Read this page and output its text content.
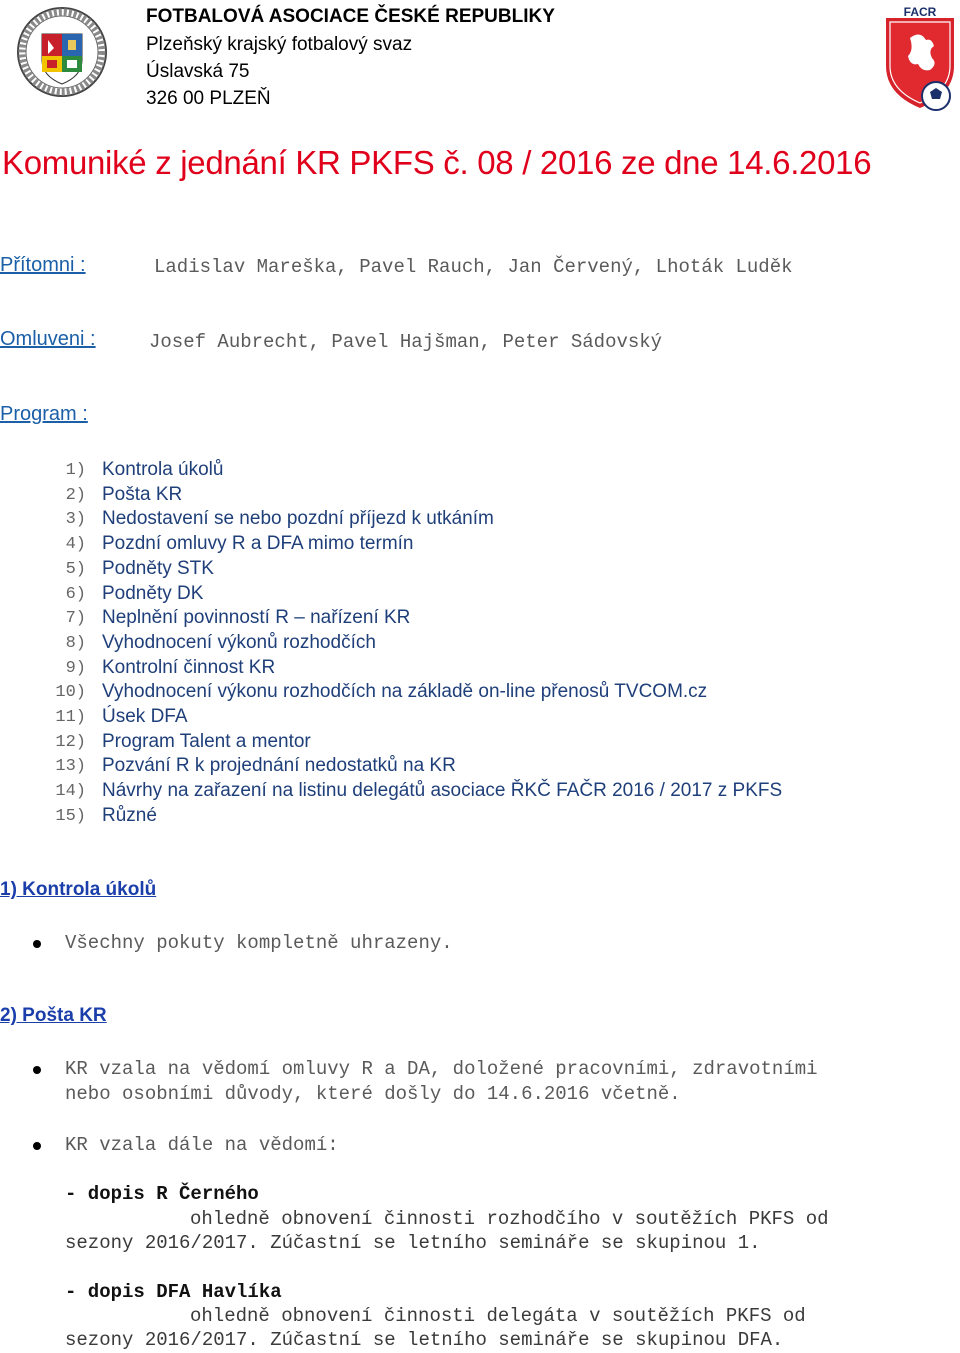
FOTBALOVÁ ASOCIACE ČESKÉ REPUBLIKY
Plzeňský krajský fotbalový svaz
Úslavská 75
326 00 PLZEŇ
FACR
Komuniké z jednání KR PKFS č. 08 / 2016 ze dne 14.6.2016
Přítomni :	Ladislav Mareška, Pavel Rauch, Jan Červený, Lhoták Luděk
Omluveni :	Josef Aubrecht, Pavel Hajšman, Peter Sádovský
Program :
1) Kontrola úkolů
2) Pošta KR
3) Nedostavení se nebo pozdní příjezd k utkáním
4) Pozdní omluvy R a DFA mimo termín
5) Podněty STK
6) Podněty DK
7) Neplnění povinností R – nařízení KR
8) Vyhodnocení výkonů rozhodčích
9) Kontrolní činnost KR
10) Vyhodnocení výkonu rozhodčích na základě on-line přenosů TVCOM.cz
11) Úsek DFA
12) Program Talent a mentor
13) Pozvání R k projednání nedostatků na KR
14) Návrhy na zařazení na listinu delegátů asociace ŘKČ FAČR 2016 / 2017 z PKFS
15) Různé
1) Kontrola úkolů
Všechny pokuty kompletně uhrazeny.
2) Pošta KR
KR vzala na vědomí omluvy R a DA, doložené pracovními, zdravotními
nebo osobními důvody, které došly do 14.6.2016 včetně.
KR vzala dále na vědomí:
- dopis R Černého
ohledně obnovení činnosti rozhodčího v soutěžích PKFS od
sezony 2016/2017. Zúčastní se letního semináře se skupinou 1.
- dopis DFA Havlíka
ohledně obnovení činnosti delegáta v soutěžích PKFS od
sezony 2016/2017. Zúčastní se letního semináře se skupinou DFA.
